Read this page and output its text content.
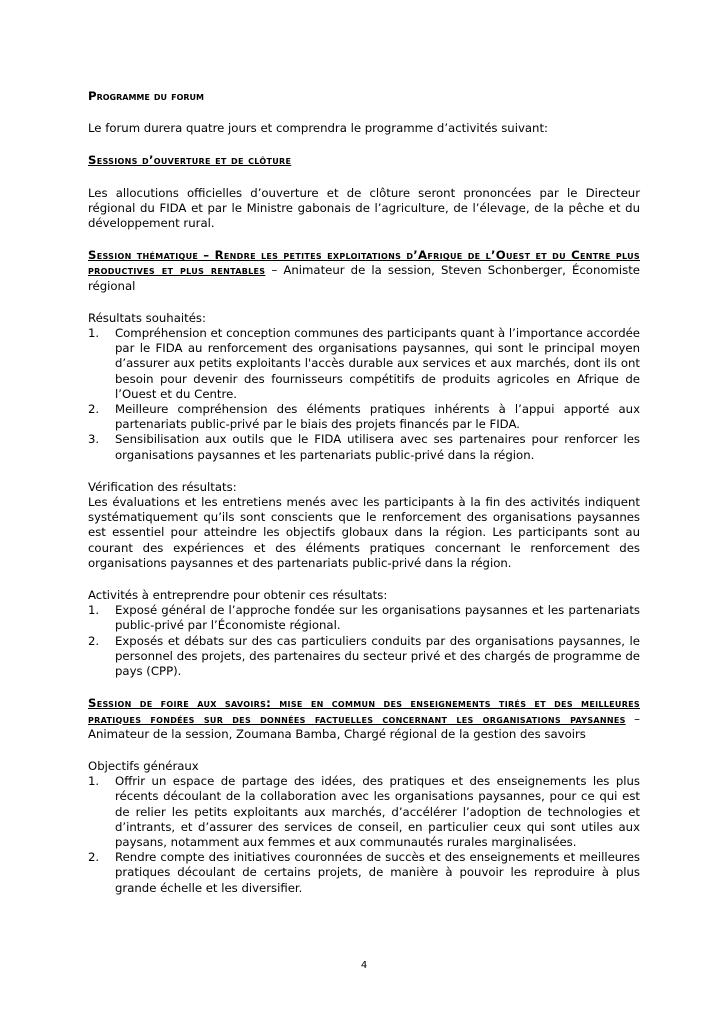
Programme du forum

Le forum durera quatre jours et comprendra le programme d’activités suivant:

Sessions d’ouverture et de clôture

Les allocutions officielles d’ouverture et de clôture seront prononcées par le Directeur régional du FIDA et par le Ministre gabonais de l’agriculture, de l’élevage, de la pêche et du développement rural.

Session thématique – Rendre les petites exploitations d’Afrique de l’Ouest et du Centre plus productives et plus rentables – Animateur de la session, Steven Schonberger, Économiste régional

Résultats souhaités:

1. Compréhension et conception communes des participants quant à l’importance accordée par le FIDA au renforcement des organisations paysannes, qui sont le principal moyen d’assurer aux petits exploitants l'accès durable aux services et aux marchés, dont ils ont besoin pour devenir des fournisseurs compétitifs de produits agricoles en Afrique de l’Ouest et du Centre.
2. Meilleure compréhension des éléments pratiques inhérents à l’appui apporté aux partenariats public-privé par le biais des projets financés par le FIDA.
3. Sensibilisation aux outils que le FIDA utilisera avec ses partenaires pour renforcer les organisations paysannes et les partenariats public-privé dans la région.

Vérification des résultats:

Les évaluations et les entretiens menés avec les participants à la fin des activités indiquent systématiquement qu’ils sont conscients que le renforcement des organisations paysannes est essentiel pour atteindre les objectifs globaux dans la région. Les participants sont au courant des expériences et des éléments pratiques concernant le renforcement des organisations paysannes et des partenariats public-privé dans la région.

Activités à entreprendre pour obtenir ces résultats:

1. Exposé général de l’approche fondée sur les organisations paysannes et les partenariats public-privé par l’Économiste régional.
2. Exposés et débats sur des cas particuliers conduits par des organisations paysannes, le personnel des projets, des partenaires du secteur privé et des chargés de programme de pays (CPP).

Session de foire aux savoirs: mise en commun des enseignements tirés et des meilleures pratiques fondées sur des données factuelles concernant les organisations paysannes – Animateur de la session, Zoumana Bamba, Chargé régional de la gestion des savoirs

Objectifs généraux

1. Offrir un espace de partage des idées, des pratiques et des enseignements les plus récents découlant de la collaboration avec les organisations paysannes, pour ce qui est de relier les petits exploitants aux marchés, d’accélérer l’adoption de technologies et d’intrants, et d’assurer des services de conseil, en particulier ceux qui sont utiles aux paysans, notamment aux femmes et aux communautés rurales marginalisées.
2. Rendre compte des initiatives couronnées de succès et des enseignements et meilleures pratiques découlant de certains projets, de manière à pouvoir les reproduire à plus grande échelle et les diversifier.
4
